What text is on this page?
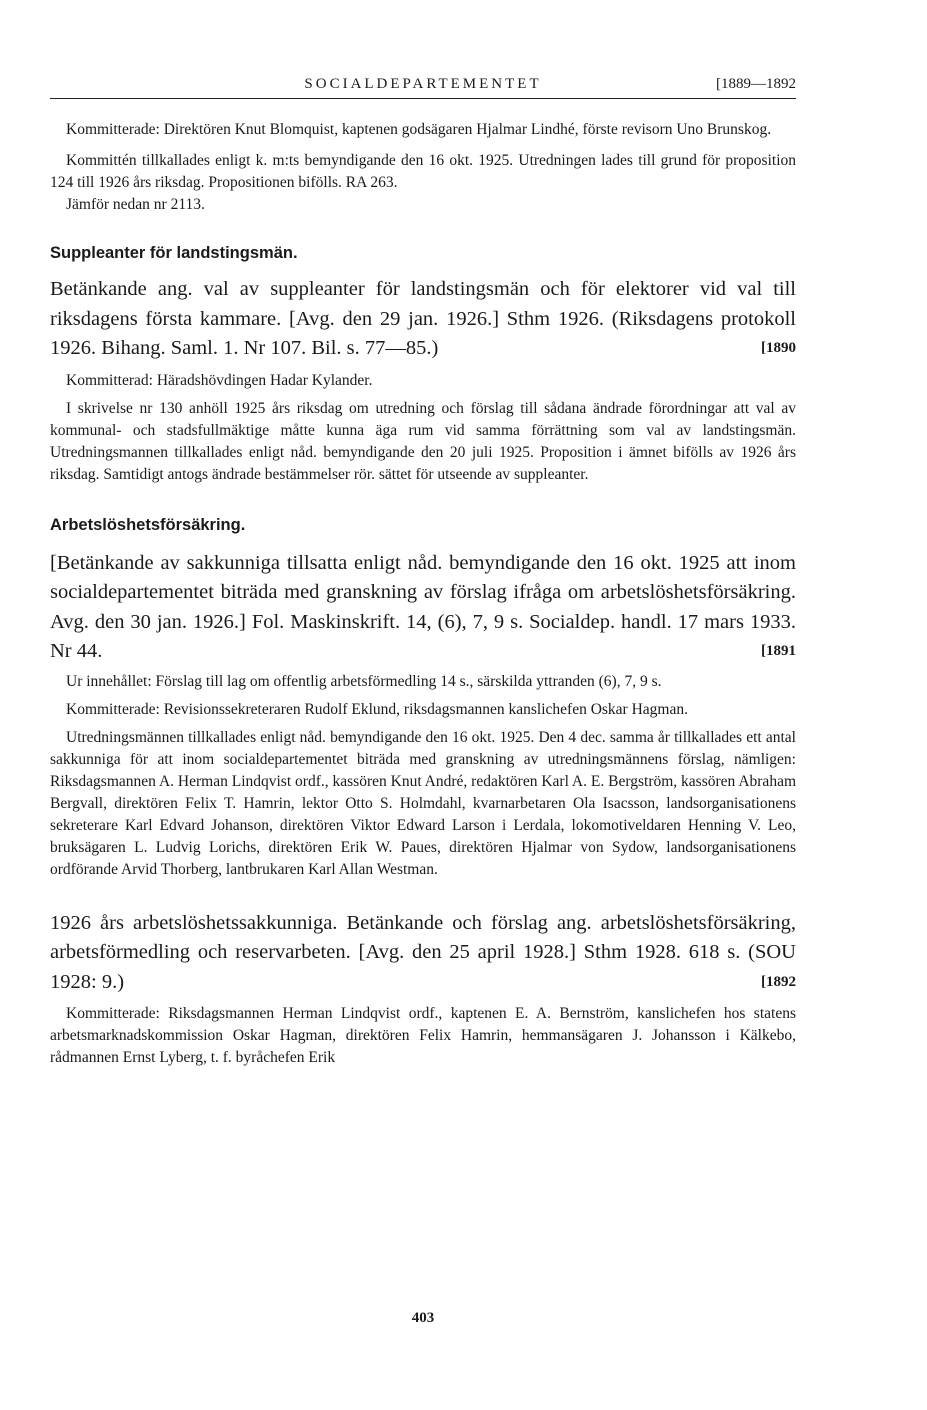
SOCIALDEPARTEMENTET	[1889—1892

Kommitterade: Direktören Knut Blomquist, kaptenen godsägaren Hjalmar Lindhé, förste revisorn Uno Brunskog.

Kommittén tillkallades enligt k. m:ts bemyndigande den 16 okt. 1925. Utredningen lades till grund för proposition 124 till 1926 års riksdag. Propositionen bifölls. RA 263.

Jämför nedan nr 2113.

Suppleanter för landstingsmän.
Betänkande ang. val av suppleanter för landstingsmän och för elektorer vid val till riksdagens första kammare. [Avg. den 29 jan. 1926.] Sthm 1926. (Riksdagens protokoll 1926. Bihang. Saml. 1. Nr 107. Bil. s. 77—85.)	[1890

Kommitterad: Häradshövdingen Hadar Kylander.

I skrivelse nr 130 anhöll 1925 års riksdag om utredning och förslag till sådana ändrade förordningar att val av kommunal- och stadsfullmäktige måtte kunna äga rum vid samma förrättning som val av landstingsmän. Utredningsmannen tillkallades enligt nåd. bemyndigande den 20 juli 1925. Proposition i ämnet bifölls av 1926 års riksdag. Samtidigt antogs ändrade bestämmelser rör. sättet för utseende av suppleanter.

Arbetslöshetsförsäkring.
[Betänkande av sakkunniga tillsatta enligt nåd. bemyndigande den 16 okt. 1925 att inom socialdepartementet biträda med granskning av förslag ifråga om arbetslöshetsförsäkring. Avg. den 30 jan. 1926.] Fol. Maskinskrift. 14, (6), 7, 9 s. Socialdep. handl. 17 mars 1933. Nr 44.	[1891

Ur innehållet: Förslag till lag om offentlig arbetsförmedling 14 s., särskilda yttranden (6), 7, 9 s.

Kommitterade: Revisionssekreteraren Rudolf Eklund, riksdagsmannen kanslichefen Oskar Hagman.

Utredningsmännen tillkallades enligt nåd. bemyndigande den 16 okt. 1925. Den 4 dec. samma år tillkallades ett antal sakkunniga för att inom socialdepartementet biträda med granskning av utredningsmännens förslag, nämligen: Riksdagsmannen A. Herman Lindqvist ordf., kassören Knut André, redaktören Karl A. E. Bergström, kassören Abraham Bergvall, direktören Felix T. Hamrin, lektor Otto S. Holmdahl, kvarnarbetaren Ola Isacsson, landsorganisationens sekreterare Karl Edvard Johanson, direktören Viktor Edward Larson i Lerdala, lokomotiveldaren Henning V. Leo, bruksägaren L. Ludvig Lorichs, direktören Erik W. Paues, direktören Hjalmar von Sydow, landsorganisationens ordförande Arvid Thorberg, lantbrukaren Karl Allan Westman.

1926 års arbetslöshetssakkunniga. Betänkande och förslag ang. arbetslöshetsförsäkring, arbetsförmedling och reservarbeten. [Avg. den 25 april 1928.] Sthm 1928. 618 s. (SOU 1928: 9.)	[1892

Kommitterade: Riksdagsmannen Herman Lindqvist ordf., kaptenen E. A. Bernström, kanslichefen hos statens arbetsmarknadskommission Oskar Hagman, direktören Felix Hamrin, hemmansägaren J. Johansson i Kälkebo, rådmannen Ernst Lyberg, t. f. byråchefen Erik

403
